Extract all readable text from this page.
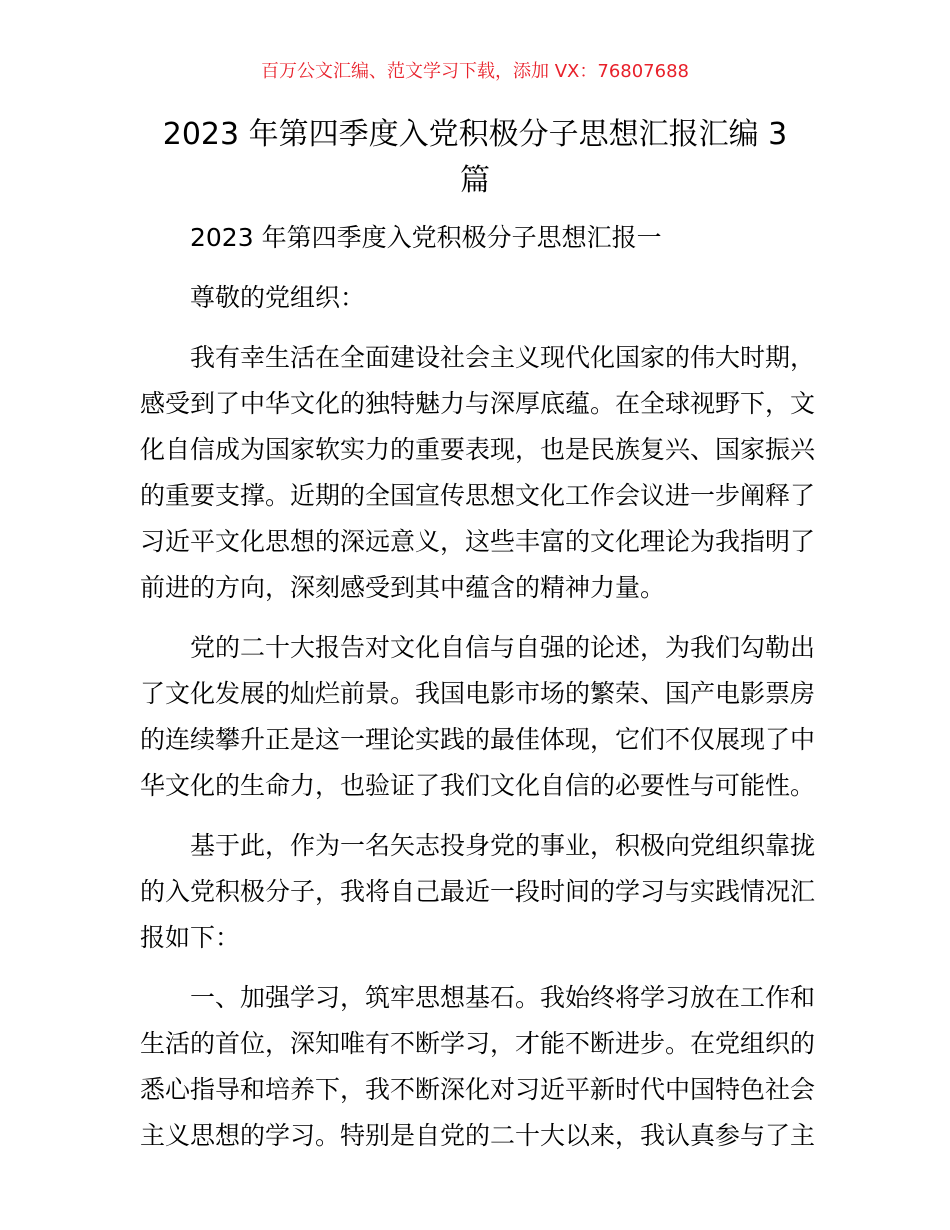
百万公文汇编、范文学习下载，添加 VX：76807688
2023 年第四季度入党积极分子思想汇报汇编 3
篇
2023 年第四季度入党积极分子思想汇报一
尊敬的党组织：
我有幸生活在全面建设社会主义现代化国家的伟大时期，
感受到了中华文化的独特魅力与深厚底蕴。在全球视野下，文
化自信成为国家软实力的重要表现，也是民族复兴、国家振兴
的重要支撑。近期的全国宣传思想文化工作会议进一步阐释了
习近平文化思想的深远意义，这些丰富的文化理论为我指明了
前进的方向，深刻感受到其中蕴含的精神力量。
党的二十大报告对文化自信与自强的论述，为我们勾勒出
了文化发展的灿烂前景。我国电影市场的繁荣、国产电影票房
的连续攀升正是这一理论实践的最佳体现，它们不仅展现了中
华文化的生命力，也验证了我们文化自信的必要性与可能性。
基于此，作为一名矢志投身党的事业，积极向党组织靠拢
的入党积极分子，我将自己最近一段时间的学习与实践情况汇
报如下：
一、加强学习，筑牢思想基石。我始终将学习放在工作和
生活的首位，深知唯有不断学习，才能不断进步。在党组织的
悉心指导和培养下，我不断深化对习近平新时代中国特色社会
主义思想的学习。特别是自党的二十大以来，我认真参与了主
